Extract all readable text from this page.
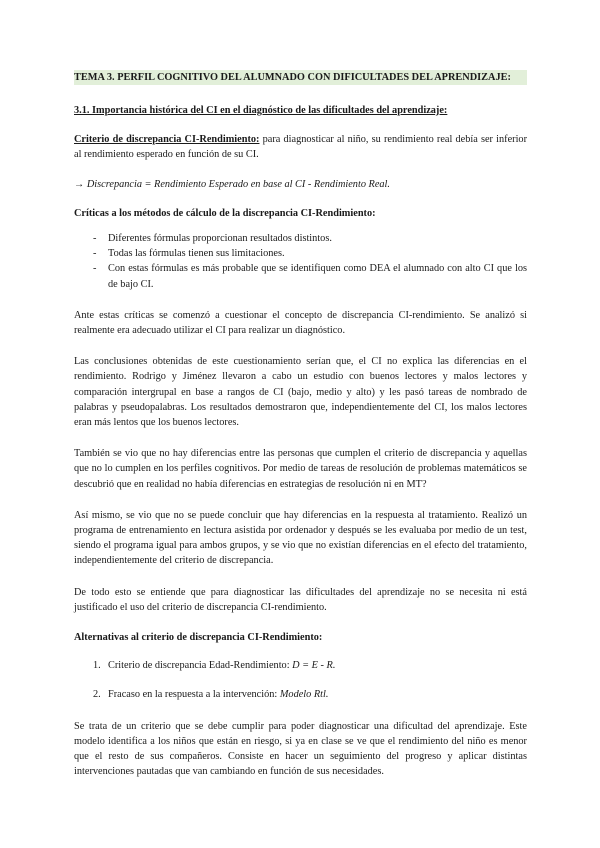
TEMA 3. PERFIL COGNITIVO DEL ALUMNADO CON DIFICULTADES DEL APRENDIZAJE:

3.1. Importancia histórica del CI en el diagnóstico de las dificultades del aprendizaje:

Criterio de discrepancia CI-Rendimiento: para diagnosticar al niño, su rendimiento real debía ser inferior al rendimiento esperado en función de su CI.

→ Discrepancia = Rendimiento Esperado en base al CI - Rendimiento Real.

Críticas a los métodos de cálculo de la discrepancia CI-Rendimiento:

- Diferentes fórmulas proporcionan resultados distintos.
- Todas las fórmulas tienen sus limitaciones.
- Con estas fórmulas es más probable que se identifiquen como DEA el alumnado con alto CI que los de bajo CI.

Ante estas críticas se comenzó a cuestionar el concepto de discrepancia CI-rendimiento. Se analizó si realmente era adecuado utilizar el CI para realizar un diagnóstico.

Las conclusiones obtenidas de este cuestionamiento serían que, el CI no explica las diferencias en el rendimiento. Rodrigo y Jiménez llevaron a cabo un estudio con buenos lectores y malos lectores y comparación intergrupal en base a rangos de CI (bajo, medio y alto) y les pasó tareas de nombrado de palabras y pseudopalabras. Los resultados demostraron que, independientemente del CI, los malos lectores eran más lentos que los buenos lectores.

También se vio que no hay diferencias entre las personas que cumplen el criterio de discrepancia y aquellas que no lo cumplen en los perfiles cognitivos. Por medio de tareas de resolución de problemas matemáticos se descubrió que en realidad no había diferencias en estrategias de resolución ni en MT?

Así mismo, se vio que no se puede concluir que hay diferencias en la respuesta al tratamiento. Realizó un programa de entrenamiento en lectura asistida por ordenador y después se les evaluaba por medio de un test, siendo el programa igual para ambos grupos, y se vio que no existían diferencias en el efecto del tratamiento, independientemente del criterio de discrepancia.

De todo esto se entiende que para diagnosticar las dificultades del aprendizaje no se necesita ni está justificado el uso del criterio de discrepancia CI-rendimiento.

Alternativas al criterio de discrepancia CI-Rendimiento:

1. Criterio de discrepancia Edad-Rendimiento: D = E - R.
2. Fracaso en la respuesta a la intervención: Modelo Rtl.

Se trata de un criterio que se debe cumplir para poder diagnosticar una dificultad del aprendizaje. Este modelo identifica a los niños que están en riesgo, si ya en clase se ve que el rendimiento del niño es menor que el resto de sus compañeros. Consiste en hacer un seguimiento del progreso y aplicar distintas intervenciones pautadas que van cambiando en función de sus necesidades.
